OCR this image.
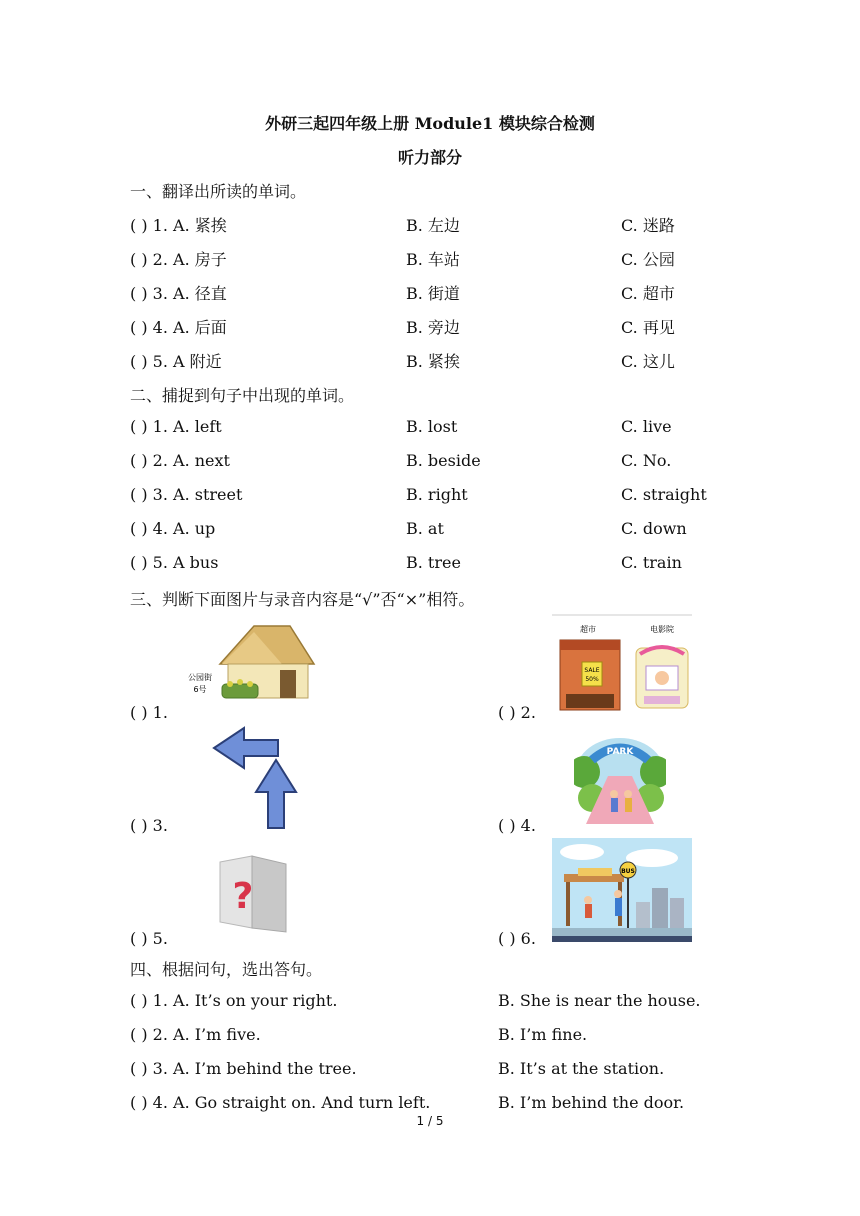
外研三起四年级上册 Module1 模块综合检测
听力部分
一、翻译出所读的单词。
( ) 1. A. 紧挨	B. 左边	C. 迷路
( ) 2. A. 房子	B. 车站	C. 公园
( ) 3. A. 径直	B. 街道	C. 超市
( ) 4. A. 后面	B. 旁边	C. 再见
( ) 5. A 附近	B. 紧挨	C. 这儿
二、捕捉到句子中出现的单词。
( ) 1. A. left	B. lost	C. live
( ) 2. A. next	B. beside	C. No.
( ) 3. A. street	B. right	C. straight
( ) 4. A. up	B. at	C. down
( ) 5. A bus	B. tree	C. train
三、判断下面图片与录音内容是“√”否“×”相符。
公园街
6号
( ) 1.
超市	电影院
SALE
50%
( ) 2.
( ) 3.
PARK
( ) 4.
?
( ) 5.
BUS
( ) 6.
四、根据问句，选出答句。
( ) 1. A. It’s on your right.	B. She is near the house.
( ) 2. A. I’m five.	B. I’m fine.
( ) 3. A. I’m behind the tree.	B. It’s at the station.
( ) 4. A. Go straight on. And turn left.	B. I’m behind the door.
1 / 5
